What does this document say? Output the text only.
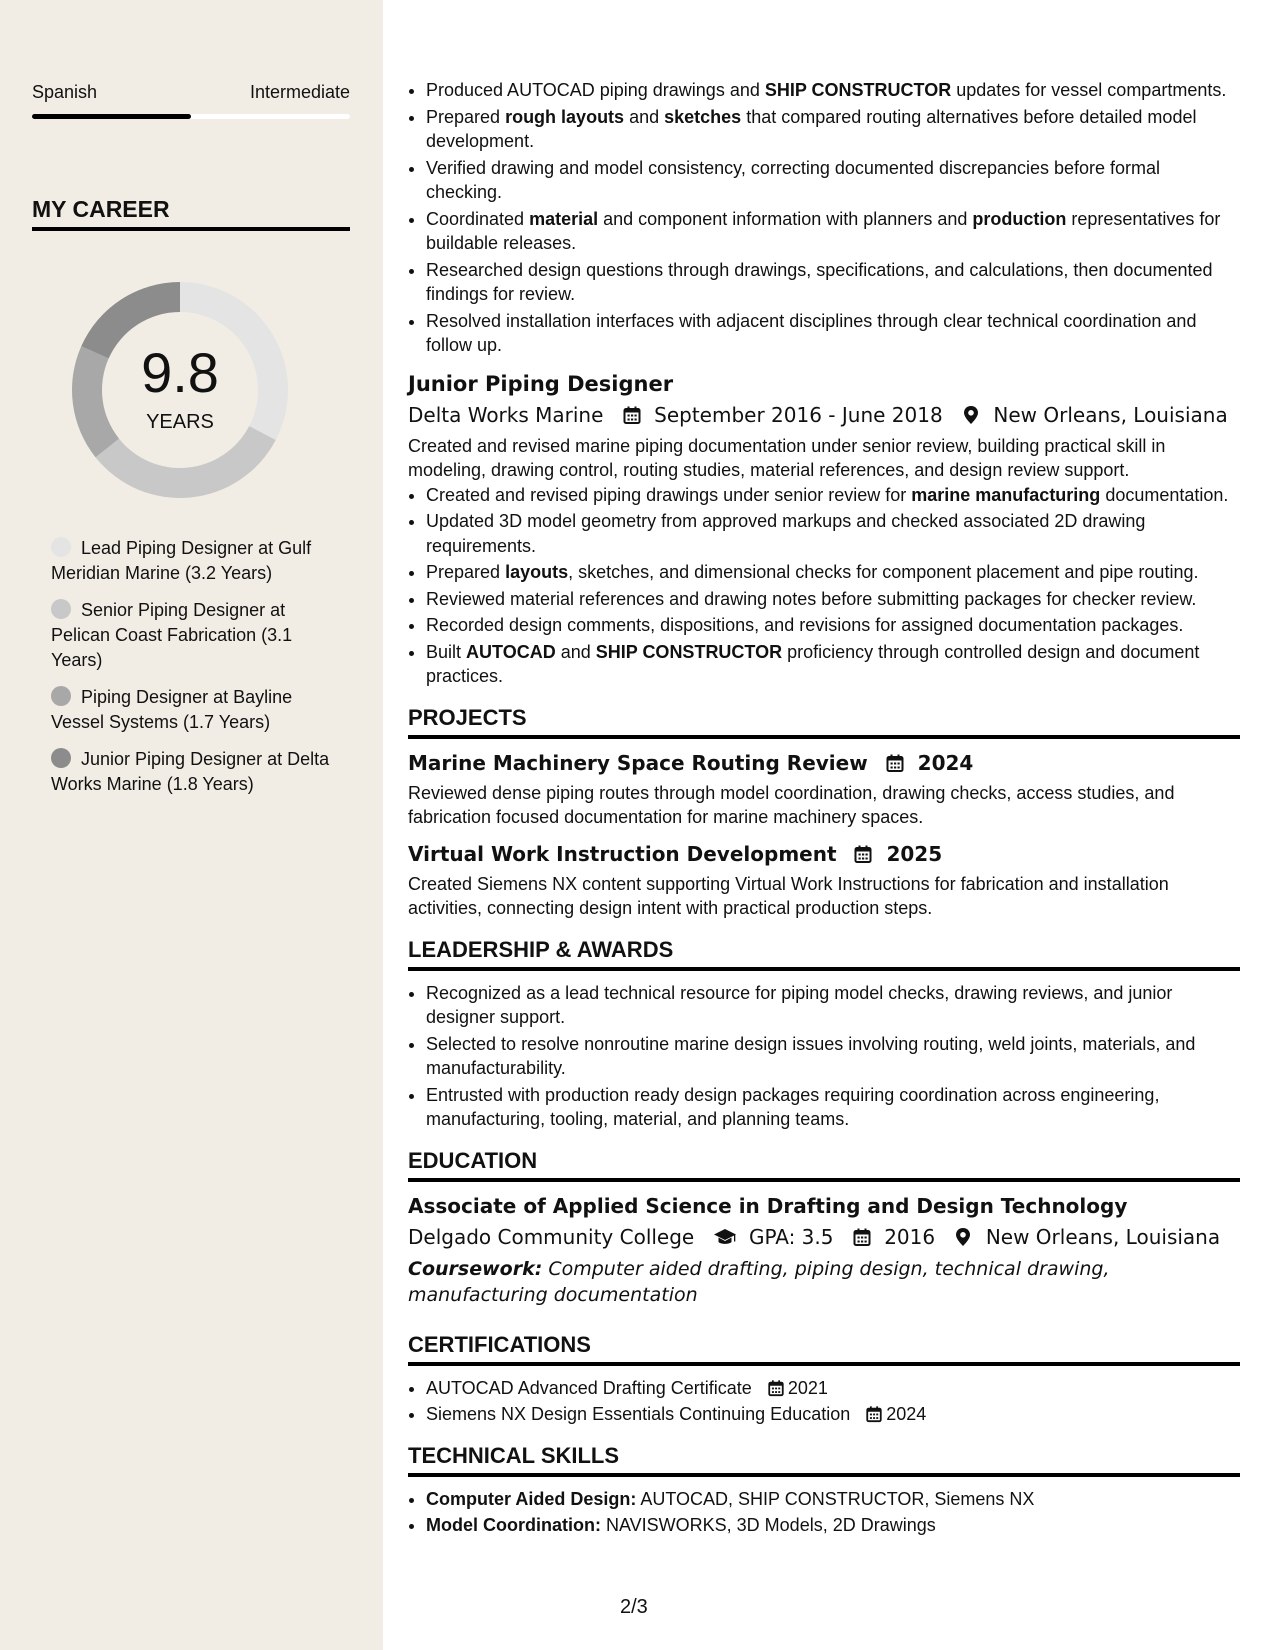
Spanish	Intermediate
MY CAREER
9.8
YEARS
Lead Piping Designer at Gulf Meridian Marine (3.2 Years)
Senior Piping Designer at Pelican Coast Fabrication (3.1 Years)
Piping Designer at Bayline Vessel Systems (1.7 Years)
Junior Piping Designer at Delta Works Marine (1.8 Years)
• Produced AUTOCAD piping drawings and SHIP CONSTRUCTOR updates for vessel compartments.
• Prepared rough layouts and sketches that compared routing alternatives before detailed model development.
• Verified drawing and model consistency, correcting documented discrepancies before formal checking.
• Coordinated material and component information with planners and production representatives for buildable releases.
• Researched design questions through drawings, specifications, and calculations, then documented findings for review.
• Resolved installation interfaces with adjacent disciplines through clear technical coordination and follow up.
Junior Piping Designer
Delta Works Marine	September 2016 - June 2018	New Orleans, Louisiana
Created and revised marine piping documentation under senior review, building practical skill in modeling, drawing control, routing studies, material references, and design review support.
• Created and revised piping drawings under senior review for marine manufacturing documentation.
• Updated 3D model geometry from approved markups and checked associated 2D drawing requirements.
• Prepared layouts, sketches, and dimensional checks for component placement and pipe routing.
• Reviewed material references and drawing notes before submitting packages for checker review.
• Recorded design comments, dispositions, and revisions for assigned documentation packages.
• Built AUTOCAD and SHIP CONSTRUCTOR proficiency through controlled design and document practices.
PROJECTS
Marine Machinery Space Routing Review 2024
Reviewed dense piping routes through model coordination, drawing checks, access studies, and fabrication focused documentation for marine machinery spaces.
Virtual Work Instruction Development 2025
Created Siemens NX content supporting Virtual Work Instructions for fabrication and installation activities, connecting design intent with practical production steps.
LEADERSHIP & AWARDS
• Recognized as a lead technical resource for piping model checks, drawing reviews, and junior designer support.
• Selected to resolve nonroutine marine design issues involving routing, weld joints, materials, and manufacturability.
• Entrusted with production ready design packages requiring coordination across engineering, manufacturing, tooling, material, and planning teams.
EDUCATION
Associate of Applied Science in Drafting and Design Technology
Delgado Community College	GPA: 3.5	2016	New Orleans, Louisiana
Coursework: Computer aided drafting, piping design, technical drawing, manufacturing documentation
CERTIFICATIONS
• AUTOCAD Advanced Drafting Certificate 2021
• Siemens NX Design Essentials Continuing Education 2024
TECHNICAL SKILLS
• Computer Aided Design: AUTOCAD, SHIP CONSTRUCTOR, Siemens NX
• Model Coordination: NAVISWORKS, 3D Models, 2D Drawings
2/3
